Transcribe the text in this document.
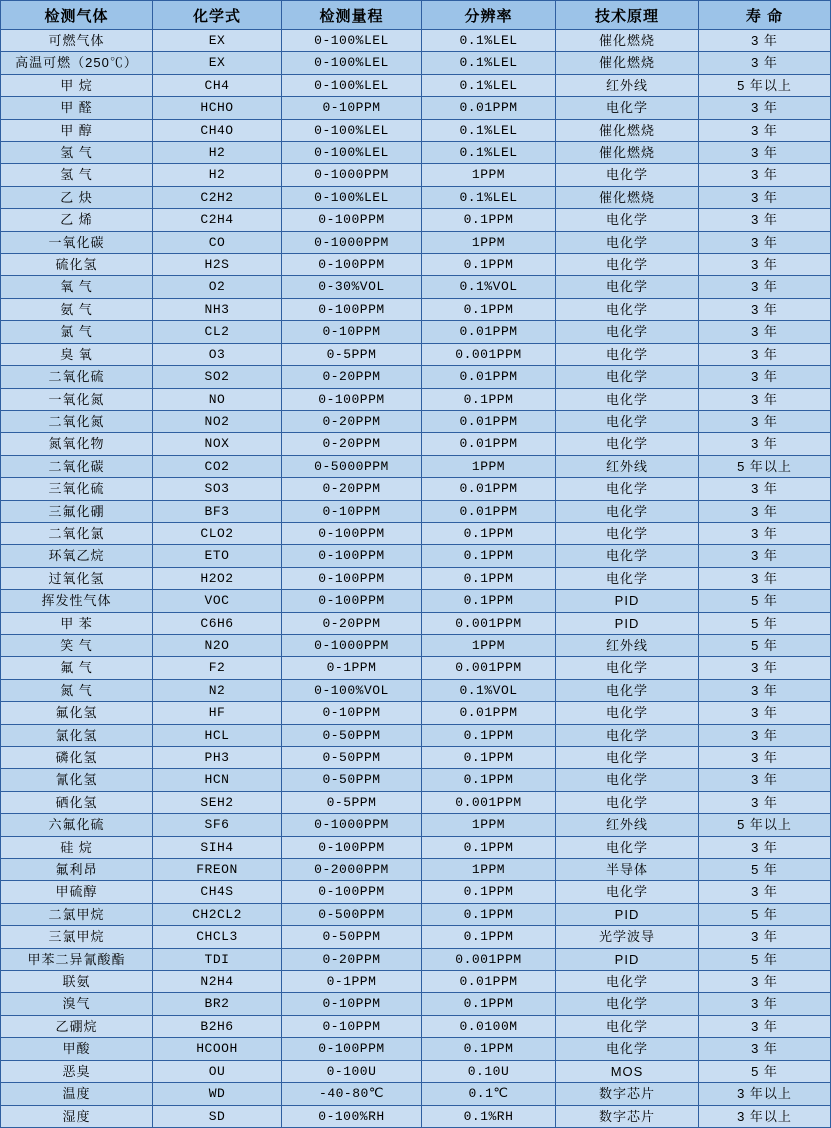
检测气体	化学式	检测量程	分辨率	技术原理	寿 命
可燃气体	EX	0-100%LEL	0.1%LEL	催化燃烧	3 年
高温可燃（250℃）	EX	0-100%LEL	0.1%LEL	催化燃烧	3 年
甲 烷	CH4	0-100%LEL	0.1%LEL	红外线	5 年以上
甲 醛	HCHO	0-10PPM	0.01PPM	电化学	3 年
甲 醇	CH4O	0-100%LEL	0.1%LEL	催化燃烧	3 年
氢 气	H2	0-100%LEL	0.1%LEL	催化燃烧	3 年
氢 气	H2	0-1000PPM	1PPM	电化学	3 年
乙 炔	C2H2	0-100%LEL	0.1%LEL	催化燃烧	3 年
乙 烯	C2H4	0-100PPM	0.1PPM	电化学	3 年
一氧化碳	CO	0-1000PPM	1PPM	电化学	3 年
硫化氢	H2S	0-100PPM	0.1PPM	电化学	3 年
氧 气	O2	0-30%VOL	0.1%VOL	电化学	3 年
氨 气	NH3	0-100PPM	0.1PPM	电化学	3 年
氯 气	CL2	0-10PPM	0.01PPM	电化学	3 年
臭 氧	O3	0-5PPM	0.001PPM	电化学	3 年
二氧化硫	SO2	0-20PPM	0.01PPM	电化学	3 年
一氧化氮	NO	0-100PPM	0.1PPM	电化学	3 年
二氧化氮	NO2	0-20PPM	0.01PPM	电化学	3 年
氮氧化物	NOX	0-20PPM	0.01PPM	电化学	3 年
二氧化碳	CO2	0-5000PPM	1PPM	红外线	5 年以上
三氧化硫	SO3	0-20PPM	0.01PPM	电化学	3 年
三氟化硼	BF3	0-10PPM	0.01PPM	电化学	3 年
二氧化氯	CLO2	0-100PPM	0.1PPM	电化学	3 年
环氧乙烷	ETO	0-100PPM	0.1PPM	电化学	3 年
过氧化氢	H2O2	0-100PPM	0.1PPM	电化学	3 年
挥发性气体	VOC	0-100PPM	0.1PPM	PID	5 年
甲 苯	C6H6	0-20PPM	0.001PPM	PID	5 年
笑 气	N2O	0-1000PPM	1PPM	红外线	5 年
氟 气	F2	0-1PPM	0.001PPM	电化学	3 年
氮 气	N2	0-100%VOL	0.1%VOL	电化学	3 年
氟化氢	HF	0-10PPM	0.01PPM	电化学	3 年
氯化氢	HCL	0-50PPM	0.1PPM	电化学	3 年
磷化氢	PH3	0-50PPM	0.1PPM	电化学	3 年
氰化氢	HCN	0-50PPM	0.1PPM	电化学	3 年
硒化氢	SEH2	0-5PPM	0.001PPM	电化学	3 年
六氟化硫	SF6	0-1000PPM	1PPM	红外线	5 年以上
硅 烷	SIH4	0-100PPM	0.1PPM	电化学	3 年
氟利昂	FREON	0-2000PPM	1PPM	半导体	5 年
甲硫醇	CH4S	0-100PPM	0.1PPM	电化学	3 年
二氯甲烷	CH2CL2	0-500PPM	0.1PPM	PID	5 年
三氯甲烷	CHCL3	0-50PPM	0.1PPM	光学波导	3 年
甲苯二异氰酸酯	TDI	0-20PPM	0.001PPM	PID	5 年
联氨	N2H4	0-1PPM	0.01PPM	电化学	3 年
溴气	BR2	0-10PPM	0.1PPM	电化学	3 年
乙硼烷	B2H6	0-10PPM	0.0100M	电化学	3 年
甲酸	HCOOH	0-100PPM	0.1PPM	电化学	3 年
恶臭	OU	0-100U	0.10U	MOS	5 年
温度	WD	-40-80℃	0.1℃	数字芯片	3 年以上
湿度	SD	0-100%RH	0.1%RH	数字芯片	3 年以上
